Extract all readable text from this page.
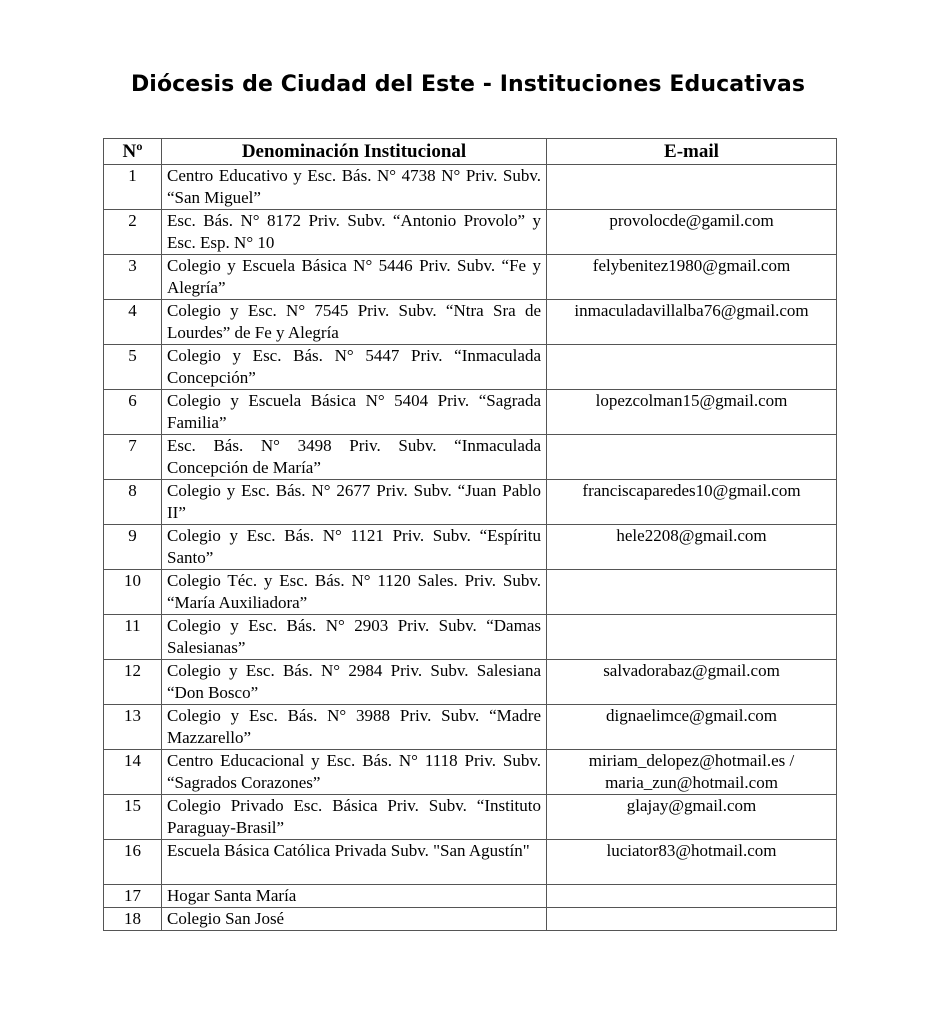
Diócesis de Ciudad del Este - Instituciones Educativas
Nº	Denominación Institucional	E-mail
1	Centro Educativo y Esc. Bás. N° 4738 N° Priv. Subv. “San Miguel”	
2	Esc. Bás. N° 8172 Priv. Subv. “Antonio Provolo” y Esc. Esp. N° 10	provolocde@gamil.com
3	Colegio y Escuela Básica N° 5446 Priv. Subv. “Fe y Alegría”	felybenitez1980@gmail.com
4	Colegio y Esc. N° 7545 Priv. Subv. “Ntra Sra de Lourdes” de Fe y Alegría	inmaculadavillalba76@gmail.com
5	Colegio y Esc. Bás. N° 5447 Priv. “Inmaculada Concepción”	
6	Colegio y Escuela Básica N° 5404 Priv. “Sagrada Familia”	lopezcolman15@gmail.com
7	Esc. Bás. N° 3498 Priv. Subv. “Inmaculada Concepción de María”	
8	Colegio y Esc. Bás. N° 2677 Priv. Subv. “Juan Pablo II”	franciscaparedes10@gmail.com
9	Colegio y Esc. Bás. N° 1121 Priv. Subv. “Espíritu Santo”	hele2208@gmail.com
10	Colegio Téc. y Esc. Bás. N° 1120 Sales. Priv. Subv. “María Auxiliadora”	
11	Colegio y Esc. Bás. N° 2903 Priv. Subv. “Damas Salesianas”	
12	Colegio y Esc. Bás. N° 2984 Priv. Subv. Salesiana “Don Bosco”	salvadorabaz@gmail.com
13	Colegio y Esc. Bás. N° 3988 Priv. Subv. “Madre Mazzarello”	dignaelimce@gmail.com
14	Centro Educacional y Esc. Bás. N° 1118 Priv. Subv. “Sagrados Corazones”	miriam_delopez@hotmail.es / maria_zun@hotmail.com
15	Colegio Privado Esc. Básica Priv. Subv. “Instituto Paraguay-Brasil”	glajay@gmail.com
16	Escuela Básica Católica Privada Subv. "San Agustín"	luciator83@hotmail.com
17	Hogar Santa María	
18	Colegio San José	
